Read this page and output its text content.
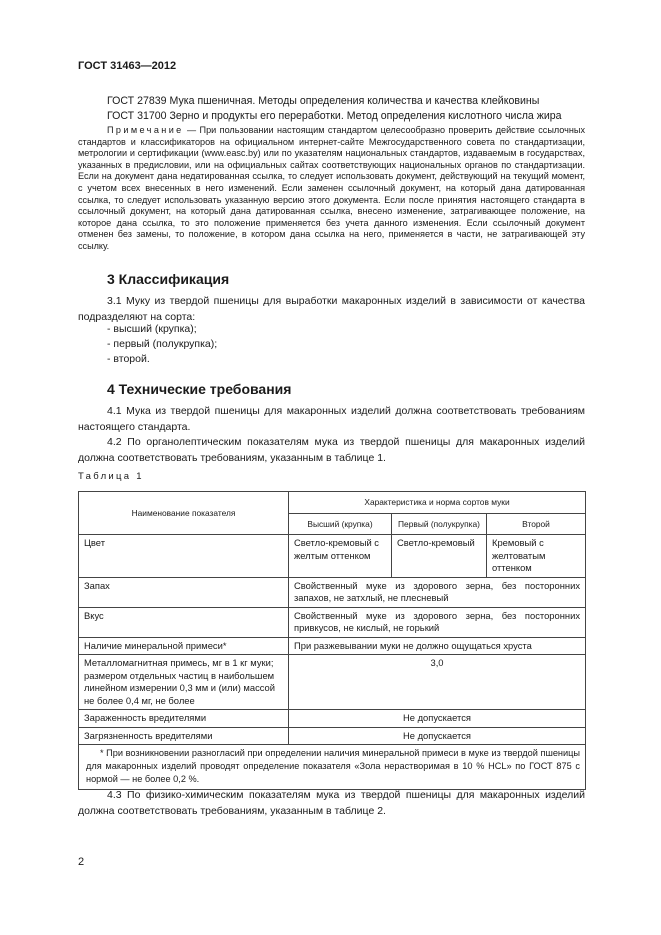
ГОСТ 31463—2012
ГОСТ 27839 Мука пшеничная. Методы определения количества и качества клейковины
ГОСТ 31700 Зерно и продукты его переработки. Метод определения кислотного числа жира
Примечание — При пользовании настоящим стандартом целесообразно проверить действие ссылочных стандартов и классификаторов на официальном интернет-сайте Межгосударственного совета по стандартизации, метрологии и сертификации (www.easc.by) или по указателям национальных стандартов, издаваемым в государствах, указанных в предисловии, или на официальных сайтах соответствующих национальных органов по стандартизации. Если на документ дана недатированная ссылка, то следует использовать документ, действующий на текущий момент, с учетом всех внесенных в него изменений. Если заменен ссылочный документ, на который дана датированная ссылка, то следует использовать указанную версию этого документа. Если после принятия настоящего стандарта в ссылочный документ, на который дана датированная ссылка, внесено изменение, затрагивающее положение, на которое дана ссылка, то это положение применяется без учета данного изменения. Если ссылочный документ отменен без замены, то положение, в котором дана ссылка на него, применяется в части, не затрагивающей эту ссылку.
3 Классификация
3.1 Муку из твердой пшеницы для выработки макаронных изделий в зависимости от качества подразделяют на сорта:
- высший (крупка);
- первый (полукрупка);
- второй.
4 Технические требования
4.1 Мука из твердой пшеницы для макаронных изделий должна соответствовать требованиям настоящего стандарта.
4.2 По органолептическим показателям мука из твердой пшеницы для макаронных изделий должна соответствовать требованиям, указанным в таблице 1.
Таблица 1
Наименование показателя	Характеристика и норма сортов муки		
	Высший (крупка)	Первый (полукрупка)	Второй
Цвет	Светло-кремовый с желтым оттенком	Светло-кремовый	Кремовый с желтоватым оттенком
Запах	Свойственный муке из здорового зерна, без посторонних запахов, не затхлый, не плесневый		
Вкус	Свойственный муке из здорового зерна, без посторонних привкусов, не кислый, не горький		
Наличие минеральной примеси*	При разжевывании муки не должно ощущаться хруста		
Металломагнитная примесь, мг в 1 кг муки; размером отдельных частиц в наибольшем линейном измерении 0,3 мм и (или) массой не более 0,4 мг, не более	3,0		
Зараженность вредителями	Не допускается		
Загрязненность вредителями	Не допускается		
* При возникновении разногласий при определении наличия минеральной примеси в муке из твердой пшеницы для макаронных изделий проводят определение показателя «Зола нерастворимая в 10 % HCL» по ГОСТ 875 с нормой — не более 0,2 %.			
4.3 По физико-химическим показателям мука из твердой пшеницы для макаронных изделий должна соответствовать требованиям, указанным в таблице 2.
2
